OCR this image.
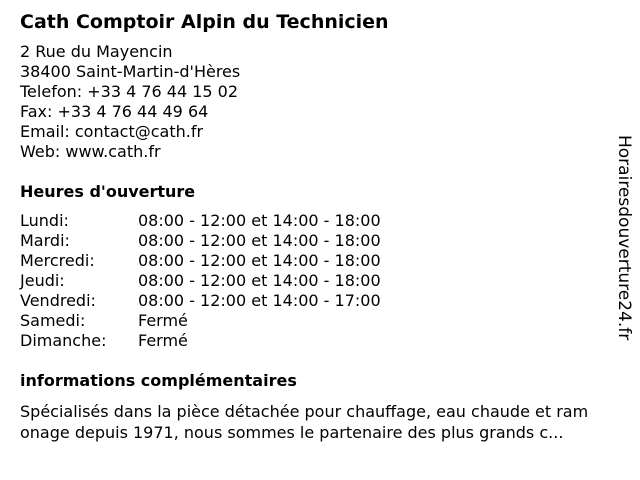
Cath Comptoir Alpin du Technicien
2 Rue du Mayencin
38400 Saint-Martin-d'Hères
Telefon: +33 4 76 44 15 02
Fax: +33 4 76 44 49 64
Email: contact@cath.fr
Web: www.cath.fr
Heures d'ouverture
Lundi:	08:00 - 12:00 et 14:00 - 18:00
Mardi:	08:00 - 12:00 et 14:00 - 18:00
Mercredi:	08:00 - 12:00 et 14:00 - 18:00
Jeudi:	08:00 - 12:00 et 14:00 - 18:00
Vendredi:	08:00 - 12:00 et 14:00 - 17:00
Samedi:	Fermé
Dimanche:	Fermé
informations complémentaires
Spécialisés dans la pièce détachée pour chauffage, eau chaude et ram
onage depuis 1971, nous sommes le partenaire des plus grands c...
Horairesdouverture24.fr
